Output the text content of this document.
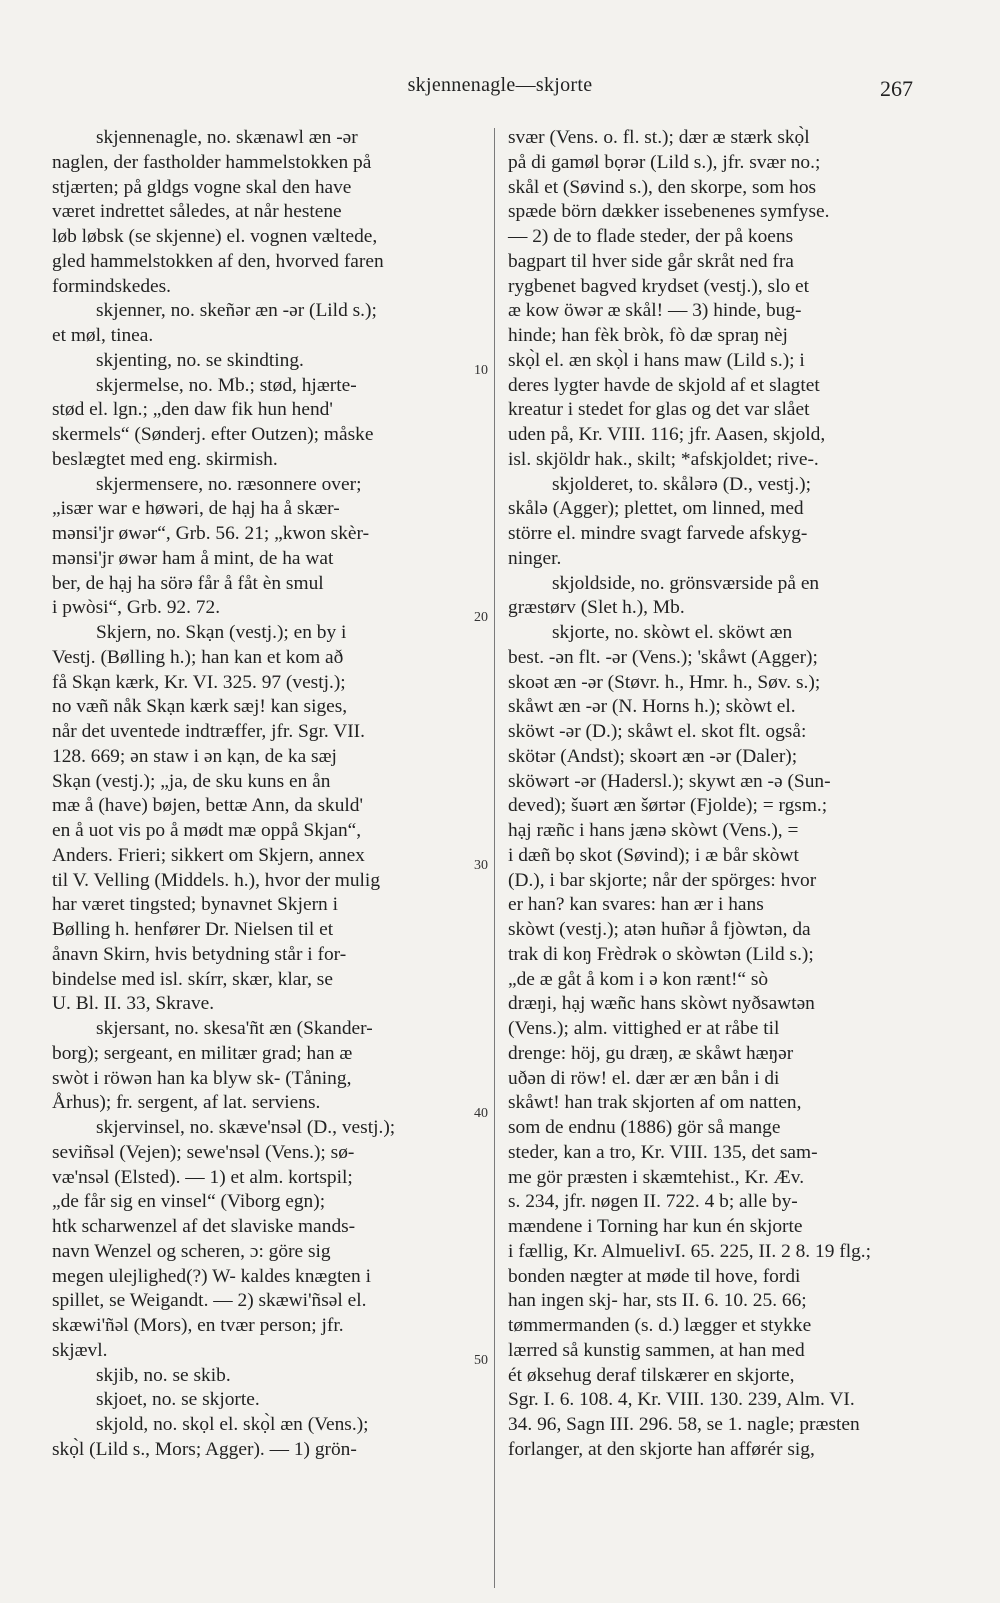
skjennenagle—skjorte	267
skjennenagle, no. skænawl æn -ər
naglen, der fastholder hammelstokken på
stjærten; på gldgs vogne skal den have
været indrettet således, at når hestene
løb løbsk (se skjenne) el. vognen væltede,
gled hammelstokken af den, hvorved faren
formindskedes.
skjenner, no. skeñər æn -ər (Lild s.);
et møl, tinea.
skjenting, no. se skindting.
skjermelse, no. Mb.; stød, hjærte-
stød el. lgn.; „den daw fik hun hend'
skermels“ (Sønderj. efter Outzen); måske
beslægtet med eng. skirmish.
skjermensere, no. ræsonnere over;
„især war e høwəri, de hạj ha å skær-
mənsi'jr øwər“, Grb. 56. 21; „kwon skèr-
mənsi'jr øwər ham å mint, de ha wat
ber, de hạj ha sörə får å fåt èn smul
i pwòsi“, Grb. 92. 72.
Skjern, no. Skạn (vestj.); en by i
Vestj. (Bølling h.); han kan et kom að
få Skạn kærk, Kr. VI. 325. 97 (vestj.);
no væñ nåk Skạn kærk sæj! kan siges,
når det uventede indtræffer, jfr. Sgr. VII.
128. 669; ən staw i ən kạn, de ka sæj
Skạn (vestj.); „ja, de sku kuns en ån
mæ å (have) bøjen, bettæ Ann, da skuld'
en å uot vis po å mødt mæ oppå Skjan“,
Anders. Frieri; sikkert om Skjern, annex
til V. Velling (Middels. h.), hvor der mulig
har været tingsted; bynavnet Skjern i
Bølling h. henfører Dr. Nielsen til et
ånavn Skirn, hvis betydning står i for-
bindelse med isl. skírr, skær, klar, se
U. Bl. II. 33, Skrave.
skjersant, no. skesa'ñt æn (Skander-
borg); sergeant, en militær grad; han æ
swòt i röwən han ka blyw sk- (Tåning,
Århus); fr. sergent, af lat. serviens.
skjervinsel, no. skæve'nsəl (D., vestj.);
seviñsəl (Vejen); sewe'nsəl (Vens.); sø-
væ'nsəl (Elsted). — 1) et alm. kortspil;
„de får sig en vinsel“ (Viborg egn);
htk scharwenzel af det slaviske mands-
navn Wenzel og scheren, ɔ: göre sig
megen ulejlighed(?) W- kaldes knægten i
spillet, se Weigandt. — 2) skæwi'ñsəl el.
skæwi'ñəl (Mors), en tvær person; jfr.
skjævl.
skjib, no. se skib.
skjoet, no. se skjorte.
skjold, no. skọl el. skọ̀l æn (Vens.);
skọ̀l (Lild s., Mors; Agger). — 1) grön-
svær (Vens. o. fl. st.); dær æ stærk skọ̀l
på di gamøl bọrər (Lild s.), jfr. svær no.;
skål et (Søvind s.), den skorpe, som hos
spæde börn dækker issebenenes symfyse.
— 2) de to flade steder, der på koens
bagpart til hver side går skråt ned fra
rygbenet bagved krydset (vestj.), slo et
æ kow öwər æ skål! — 3) hinde, bug-
hinde; han fèk bròk, fò dæ spraŋ nèj
skọ̀l el. æn skọ̀l i hans maw (Lild s.); i
deres lygter havde de skjold af et slagtet
kreatur i stedet for glas og det var slået
uden på, Kr. VIII. 116; jfr. Aasen, skjold,
isl. skjöldr hak., skilt; *afskjoldet; rive-.
skjolderet, to. skålərə (D., vestj.);
skålə (Agger); plettet, om linned, med
större el. mindre svagt farvede afskyg-
ninger.
skjoldside, no. grönsværside på en
græstørv (Slet h.), Mb.
skjorte, no. skòwt el. sköwt æn
best. -ən flt. -ər (Vens.); 'skåwt (Agger);
skoət æn -ər (Støvr. h., Hmr. h., Søv. s.);
skåwt æn -ər (N. Horns h.); skòwt el.
sköwt -ər (D.); skåwt el. skot flt. også:
skötər (Andst); skoərt æn -ər (Daler);
sköwərt -ər (Hadersl.); skywt æn -ə (Sun-
deved); šuərt æn šørtər (Fjolde); = rgsm.;
hạj ræñc i hans jænə skòwt (Vens.), =
i dæñ bọ skot (Søvind); i æ bår skòwt
(D.), i bar skjorte; når der spörges: hvor
er han? kan svares: han ær i hans
skòwt (vestj.); atən huñər å fjòwtən, da
trak di koŋ Frèdrək o skòwtən (Lild s.);
„de æ gåt å kom i ə kon rænt!“ sò
dræŋi, hạj wæñc hans skòwt nyðsawtən
(Vens.); alm. vittighed er at råbe til
drenge: höj, gu dræŋ, æ skåwt hæŋər
uðən di röw! el. dær ær æn bån i di
skåwt! han trak skjorten af om natten,
som de endnu (1886) gör så mange
steder, kan a tro, Kr. VIII. 135, det sam-
me gör præsten i skæmtehist., Kr. Æv.
s. 234, jfr. nøgen II. 722. 4 b; alle by-
mændene i Torning har kun én skjorte
i fællig, Kr. AlmuelivI. 65. 225, II. 2 8. 19 flg.;
bonden nægter at møde til hove, fordi
han ingen skj- har, sts II. 6. 10. 25. 66;
tømmermanden (s. d.) lægger et stykke
lærred så kunstig sammen, at han med
ét øksehug deraf tilskærer en skjorte,
Sgr. I. 6. 108. 4, Kr. VIII. 130. 239, Alm. VI.
34. 96, Sagn III. 296. 58, se 1. nagle; præsten
forlanger, at den skjorte han afførér sig,
10
20
30
40
50
